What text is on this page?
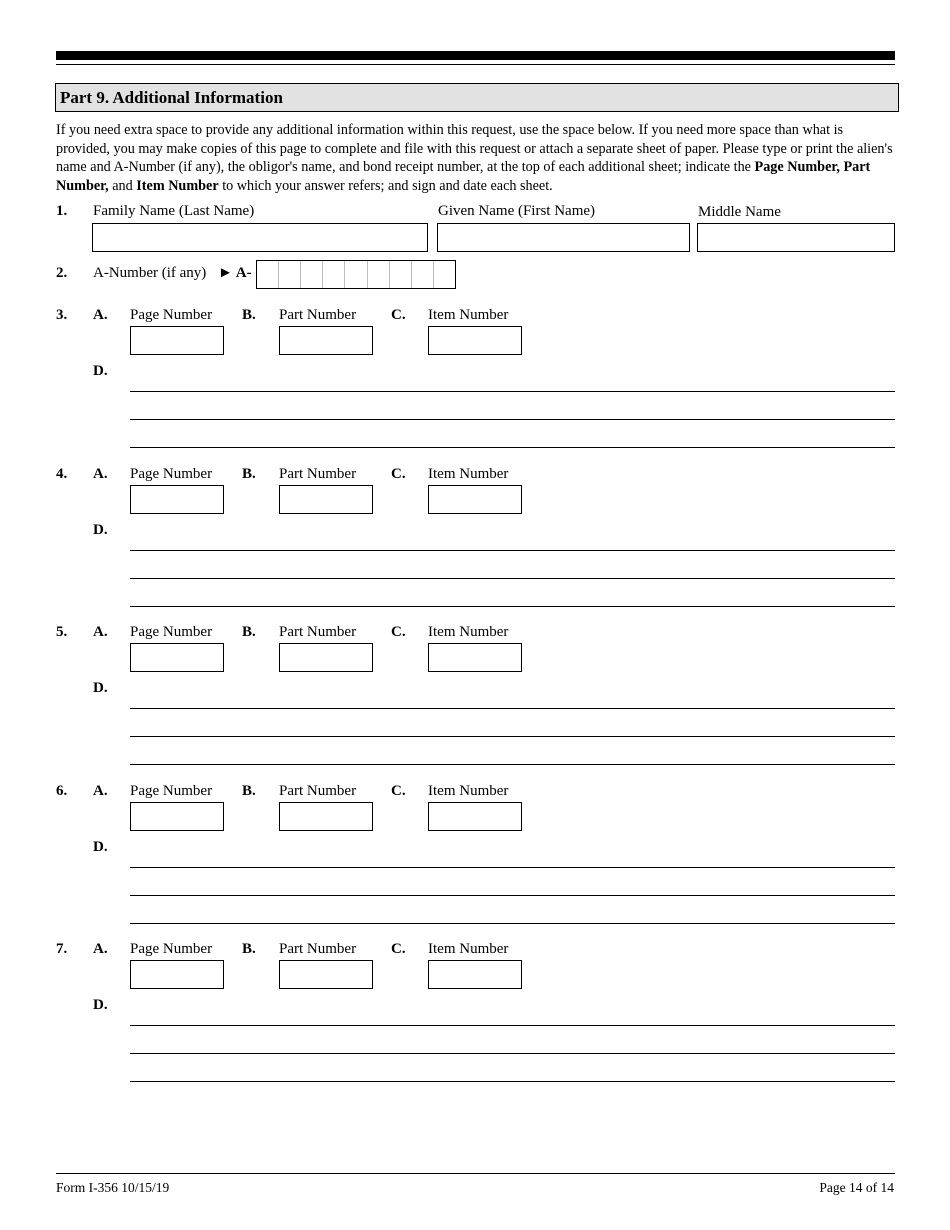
Part 9. Additional Information
If you need extra space to provide any additional information within this request, use the space below. If you need more space than what is provided, you may make copies of this page to complete and file with this request or attach a separate sheet of paper. Please type or print the alien's name and A-Number (if any), the obligor's name, and bond receipt number, at the top of each additional sheet; indicate the Page Number, Part Number, and Item Number to which your answer refers; and sign and date each sheet.
1. Family Name (Last Name)	Given Name (First Name)	Middle Name
2. A-Number (if any) ► A-
3. A. Page Number B. Part Number C. Item Number
D.
4. A. Page Number B. Part Number C. Item Number
D.
5. A. Page Number B. Part Number C. Item Number
D.
6. A. Page Number B. Part Number C. Item Number
D.
7. A. Page Number B. Part Number C. Item Number
D.
Form I-356 10/15/19	Page 14 of 14
